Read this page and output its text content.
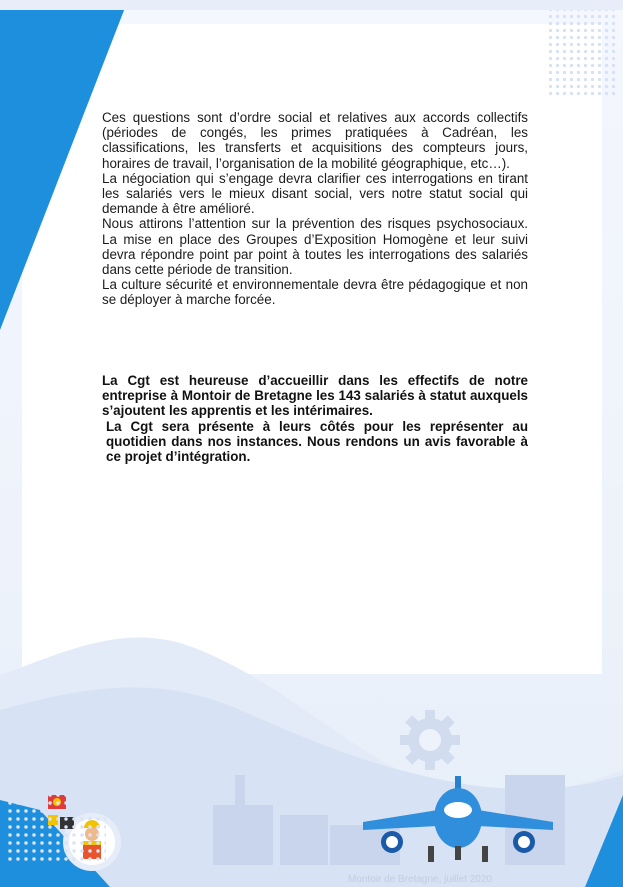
Ces questions sont d’ordre social et relatives aux accords collectifs (périodes de congés, les primes pratiquées à Cadréan, les classifications, les transferts et acquisitions des compteurs jours, horaires de travail, l’organisation de la mobilité géographique, etc…).

La négociation qui s’engage devra clarifier ces interrogations en tirant les salariés vers le mieux disant social, vers notre statut social qui demande à être amélioré.

Nous attirons l’attention sur la prévention des risques psychosociaux. La mise en place des Groupes d’Exposition Homogène et leur suivi devra répondre point par point à toutes les interrogations des salariés dans cette période de transition.

La culture sécurité et environnementale devra être pédagogique et non se déployer à marche forcée.

La Cgt est heureuse d’accueillir dans les effectifs de notre entreprise à Montoir de Bretagne les 143 salariés à statut auxquels s’ajoutent les apprentis et les intérimaires.

La Cgt sera présente à leurs côtés pour les représenter au quotidien dans nos instances. Nous rendons un avis favorable à ce projet d’intégration.

Montoir de Bretagne, juillet 2020
